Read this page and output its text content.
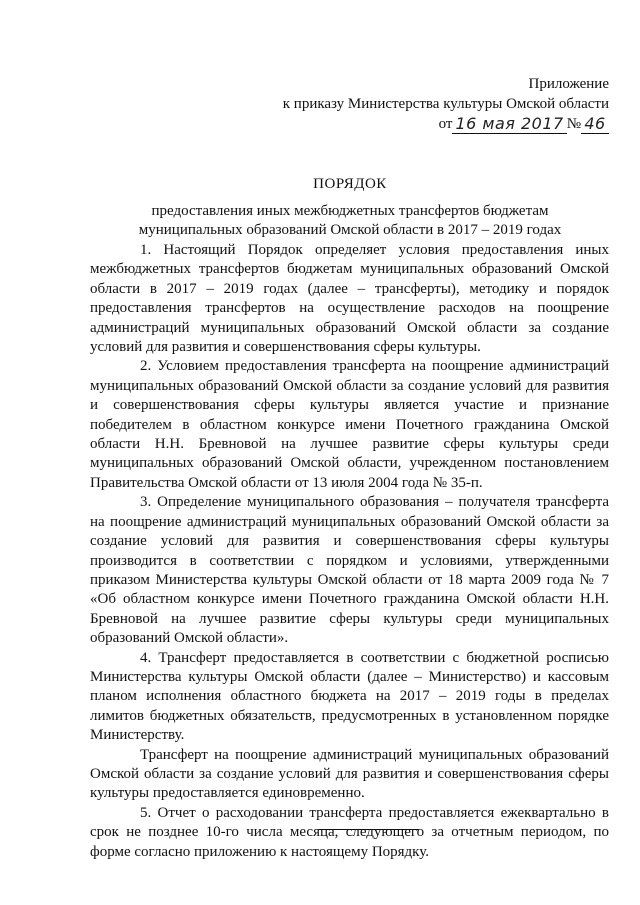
Приложение
к приказу Министерства культуры Омской области
от 16 мая 2017 № 46
ПОРЯДОК

предоставления иных межбюджетных трансфертов бюджетам

муниципальных образований Омской области в 2017 – 2019 годах

1. Настоящий Порядок определяет условия предоставления иных межбюджетных трансфертов бюджетам муниципальных образований Омской области в 2017 – 2019 годах (далее – трансферты), методику и порядок предоставления трансфертов на осуществление расходов на поощрение администраций муниципальных образований Омской области за создание условий для развития и совершенствования сферы культуры.

2. Условием предоставления трансферта на поощрение администраций муниципальных образований Омской области за создание условий для развития и совершенствования сферы культуры является участие и признание победителем в областном конкурсе имени Почетного гражданина Омской области Н.Н. Бревновой на лучшее развитие сферы культуры среди муниципальных образований Омской области, учрежденном постановлением Правительства Омской области от 13 июля 2004 года № 35-п.

3. Определение муниципального образования – получателя трансферта на поощрение администраций муниципальных образований Омской области за создание условий для развития и совершенствования сферы культуры производится в соответствии с порядком и условиями, утвержденными приказом Министерства культуры Омской области от 18 марта 2009 года № 7 «Об областном конкурсе имени Почетного гражданина Омской области Н.Н. Бревновой на лучшее развитие сферы культуры среди муниципальных образований Омской области».

4. Трансферт предоставляется в соответствии с бюджетной росписью Министерства культуры Омской области (далее – Министерство) и кассовым планом исполнения областного бюджета на 2017 – 2019 годы в пределах лимитов бюджетных обязательств, предусмотренных в установленном порядке Министерству.

Трансферт на поощрение администраций муниципальных образований Омской области за создание условий для развития и совершенствования сферы культуры предоставляется единовременно.

5. Отчет о расходовании трансферта предоставляется ежеквартально в срок не позднее 10-го числа месяца, следующего за отчетным периодом, по форме согласно приложению к настоящему Порядку.
